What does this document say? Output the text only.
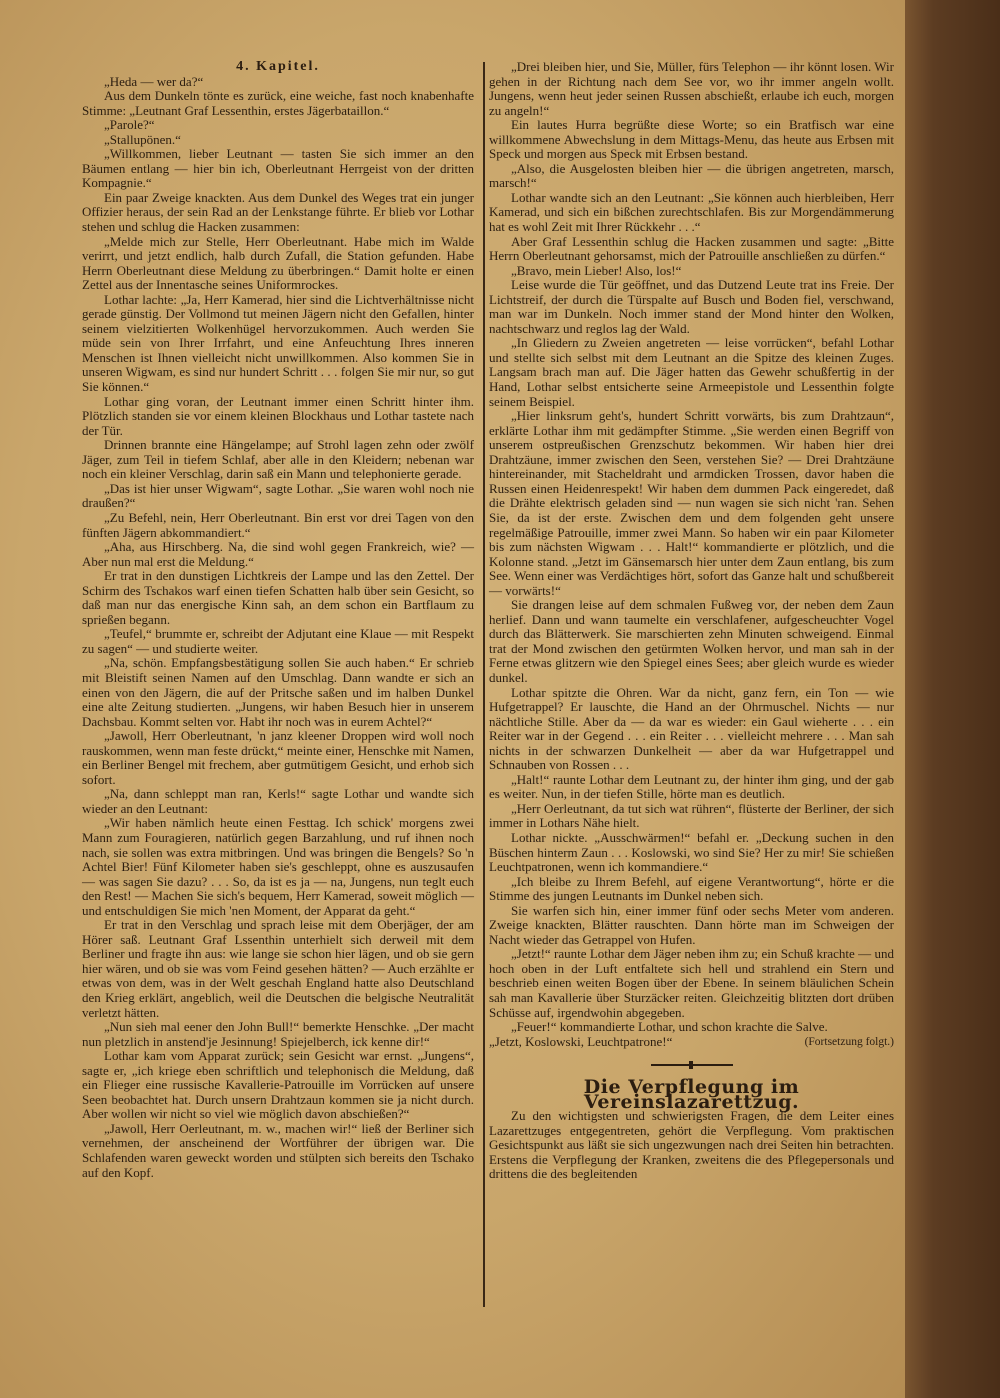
4. Kapitel.

„Heda — wer da?“

Aus dem Dunkeln tönte es zurück, eine weiche, fast noch knabenhafte Stimme: „Leutnant Graf Lessenthin, erstes Jägerbataillon.“

„Parole?“

„Stallupönen.“

„Willkommen, lieber Leutnant — tasten Sie sich immer an den Bäumen entlang — hier bin ich, Oberleutnant Herrgeist von der dritten Kompagnie.“

Ein paar Zweige knackten. Aus dem Dunkel des Weges trat ein junger Offizier heraus, der sein Rad an der Lenkstange führte. Er blieb vor Lothar stehen und schlug die Hacken zusammen:

„Melde mich zur Stelle, Herr Oberleutnant. Habe mich im Walde verirrt, und jetzt endlich, halb durch Zufall, die Station gefunden. Habe Herrn Oberleutnant diese Meldung zu überbringen.“ Damit holte er einen Zettel aus der Innentasche seines Uniformrockes.

Lothar lachte: „Ja, Herr Kamerad, hier sind die Lichtverhältnisse nicht gerade günstig. Der Vollmond tut meinen Jägern nicht den Gefallen, hinter seinem vielzitierten Wolkenhügel hervorzukommen. Auch werden Sie müde sein von Ihrer Irrfahrt, und eine Anfeuchtung Ihres inneren Menschen ist Ihnen vielleicht nicht unwillkommen. Also kommen Sie in unseren Wigwam, es sind nur hundert Schritt . . . folgen Sie mir nur, so gut Sie können.“

Lothar ging voran, der Leutnant immer einen Schritt hinter ihm. Plötzlich standen sie vor einem kleinen Blockhaus und Lothar tastete nach der Tür.

Drinnen brannte eine Hängelampe; auf Strohl lagen zehn oder zwölf Jäger, zum Teil in tiefem Schlaf, aber alle in den Kleidern; nebenan war noch ein kleiner Verschlag, darin saß ein Mann und telephonierte gerade.

„Das ist hier unser Wigwam“, sagte Lothar. „Sie waren wohl noch nie draußen?“

„Zu Befehl, nein, Herr Oberleutnant. Bin erst vor drei Tagen von den fünften Jägern abkommandiert.“

„Aha, aus Hirschberg. Na, die sind wohl gegen Frankreich, wie? — Aber nun mal erst die Meldung.“

Er trat in den dunstigen Lichtkreis der Lampe und las den Zettel. Der Schirm des Tschakos warf einen tiefen Schatten halb über sein Gesicht, so daß man nur das energische Kinn sah, an dem schon ein Bartflaum zu sprießen begann.

„Teufel,“ brummte er, schreibt der Adjutant eine Klaue — mit Respekt zu sagen“ — und studierte weiter.

„Na, schön. Empfangsbestätigung sollen Sie auch haben.“ Er schrieb mit Bleistift seinen Namen auf den Umschlag. Dann wandte er sich an einen von den Jägern, die auf der Pritsche saßen und im halben Dunkel eine alte Zeitung studierten. „Jungens, wir haben Besuch hier in unserem Dachsbau. Kommt selten vor. Habt ihr noch was in eurem Achtel?“

„Jawoll, Herr Oberleutnant, 'n janz kleener Droppen wird woll noch rauskommen, wenn man feste drückt,“ meinte einer, Henschke mit Namen, ein Berliner Bengel mit frechem, aber gutmütigem Gesicht, und erhob sich sofort.

„Na, dann schleppt man ran, Kerls!“ sagte Lothar und wandte sich wieder an den Leutnant:

„Wir haben nämlich heute einen Festtag. Ich schick' morgens zwei Mann zum Fouragieren, natürlich gegen Barzahlung, und ruf ihnen noch nach, sie sollen was extra mitbringen. Und was bringen die Bengels? So 'n Achtel Bier! Fünf Kilometer haben sie's geschleppt, ohne es auszusaufen — was sagen Sie dazu? . . . So, da ist es ja — na, Jungens, nun teglt euch den Rest! — Machen Sie sich's bequem, Herr Kamerad, soweit möglich — und entschuldigen Sie mich 'nen Moment, der Apparat da geht.“

Er trat in den Verschlag und sprach leise mit dem Oberjäger, der am Hörer saß. Leutnant Graf Lssenthin unterhielt sich derweil mit dem Berliner und fragte ihn aus: wie lange sie schon hier lägen, und ob sie gern hier wären, und ob sie was vom Feind gesehen hätten? — Auch erzählte er etwas von dem, was in der Welt geschah England hatte also Deutschland den Krieg erklärt, angeblich, weil die Deutschen die belgische Neutralität verletzt hätten.

„Nun sieh mal eener den John Bull!“ bemerkte Henschke. „Der macht nun pletzlich in anstend'je Jesinnung! Spiejelberch, ick kenne dir!“

Lothar kam vom Apparat zurück; sein Gesicht war ernst. „Jungens“, sagte er, „ich kriege eben schriftlich und telephonisch die Meldung, daß ein Flieger eine russische Kavallerie-Patrouille im Vorrücken auf unsere Seen beobachtet hat. Durch unsern Drahtzaun kommen sie ja nicht durch. Aber wollen wir nicht so viel wie möglich davon abschießen?“

„Jawoll, Herr Oerleutnant, m. w., machen wir!“ ließ der Berliner sich vernehmen, der anscheinend der Wortführer der übrigen war. Die Schlafenden waren geweckt worden und stülpten sich bereits den Tschako auf den Kopf.

„Drei bleiben hier, und Sie, Müller, fürs Telephon — ihr könnt losen. Wir gehen in der Richtung nach dem See vor, wo ihr immer angeln wollt. Jungens, wenn heut jeder seinen Russen abschießt, erlaube ich euch, morgen zu angeln!“

Ein lautes Hurra begrüßte diese Worte; so ein Bratfisch war eine willkommene Abwechslung in dem Mittags-Menu, das heute aus Erbsen mit Speck und morgen aus Speck mit Erbsen bestand.

„Also, die Ausgelosten bleiben hier — die übrigen angetreten, marsch, marsch!“

Lothar wandte sich an den Leutnant: „Sie können auch hierbleiben, Herr Kamerad, und sich ein bißchen zurechtschlafen. Bis zur Morgendämmerung hat es wohl Zeit mit Ihrer Rückkehr . . .“

Aber Graf Lessenthin schlug die Hacken zusammen und sagte: „Bitte Herrn Oberleutnant gehorsamst, mich der Patrouille anschließen zu dürfen.“

„Bravo, mein Lieber! Also, los!“

Leise wurde die Tür geöffnet, und das Dutzend Leute trat ins Freie. Der Lichtstreif, der durch die Türspalte auf Busch und Boden fiel, verschwand, man war im Dunkeln. Noch immer stand der Mond hinter den Wolken, nachtschwarz und reglos lag der Wald.

„In Gliedern zu Zweien angetreten — leise vorrücken“, befahl Lothar und stellte sich selbst mit dem Leutnant an die Spitze des kleinen Zuges. Langsam brach man auf. Die Jäger hatten das Gewehr schußfertig in der Hand, Lothar selbst entsicherte seine Armeepistole und Lessenthin folgte seinem Beispiel.

„Hier linksrum geht's, hundert Schritt vorwärts, bis zum Drahtzaun“, erklärte Lothar ihm mit gedämpfter Stimme. „Sie werden einen Begriff von unserem ostpreußischen Grenzschutz bekommen. Wir haben hier drei Drahtzäune, immer zwischen den Seen, verstehen Sie? — Drei Drahtzäune hintereinander, mit Stacheldraht und armdicken Trossen, davor haben die Russen einen Heidenrespekt! Wir haben dem dummen Pack eingeredet, daß die Drähte elektrisch geladen sind — nun wagen sie sich nicht 'ran. Sehen Sie, da ist der erste. Zwischen dem und dem folgenden geht unsere regelmäßige Patrouille, immer zwei Mann. So haben wir ein paar Kilometer bis zum nächsten Wigwam . . . Halt!“ kommandierte er plötzlich, und die Kolonne stand. „Jetzt im Gänsemarsch hier unter dem Zaun entlang, bis zum See. Wenn einer was Verdächtiges hört, sofort das Ganze halt und schußbereit — vorwärts!“

Sie drangen leise auf dem schmalen Fußweg vor, der neben dem Zaun herlief. Dann und wann taumelte ein verschlafener, aufgescheuchter Vogel durch das Blätterwerk. Sie marschierten zehn Minuten schweigend. Einmal trat der Mond zwischen den getürmten Wolken hervor, und man sah in der Ferne etwas glitzern wie den Spiegel eines Sees; aber gleich wurde es wieder dunkel.

Lothar spitzte die Ohren. War da nicht, ganz fern, ein Ton — wie Hufgetrappel? Er lauschte, die Hand an der Ohrmuschel. Nichts — nur nächtliche Stille. Aber da — da war es wieder: ein Gaul wieherte . . . ein Reiter war in der Gegend . . . ein Reiter . . . vielleicht mehrere . . . Man sah nichts in der schwarzen Dunkelheit — aber da war Hufgetrappel und Schnauben von Rossen . . .

„Halt!“ raunte Lothar dem Leutnant zu, der hinter ihm ging, und der gab es weiter. Nun, in der tiefen Stille, hörte man es deutlich.

„Herr Oerleutnant, da tut sich wat rühren“, flüsterte der Berliner, der sich immer in Lothars Nähe hielt.

Lothar nickte. „Ausschwärmen!“ befahl er. „Deckung suchen in den Büschen hinterm Zaun . . . Koslowski, wo sind Sie? Her zu mir! Sie schießen Leuchtpatronen, wenn ich kommandiere.“

„Ich bleibe zu Ihrem Befehl, auf eigene Verantwortung“, hörte er die Stimme des jungen Leutnants im Dunkel neben sich.

Sie warfen sich hin, einer immer fünf oder sechs Meter vom anderen. Zweige knackten, Blätter rauschten. Dann hörte man im Schweigen der Nacht wieder das Getrappel von Hufen.

„Jetzt!“ raunte Lothar dem Jäger neben ihm zu; ein Schuß krachte — und hoch oben in der Luft entfaltete sich hell und strahlend ein Stern und beschrieb einen weiten Bogen über der Ebene. In seinem bläulichen Schein sah man Kavallerie über Sturzäcker reiten. Gleichzeitig blitzten dort drüben Schüsse auf, irgendwohin abgegeben.

„Feuer!“ kommandierte Lothar, und schon krachte die Salve.

„Jetzt, Koslowski, Leuchtpatrone!“	(Fortsetzung folgt.)

Die Verpflegung im Vereinslazarettzug.

Zu den wichtigsten und schwierigsten Fragen, die dem Leiter eines Lazarettzuges entgegentreten, gehört die Verpflegung. Vom praktischen Gesichtspunkt aus läßt sie sich ungezwungen nach drei Seiten hin betrachten. Erstens die Verpflegung der Kranken, zweitens die des Pflegepersonals und drittens die des begleitenden
